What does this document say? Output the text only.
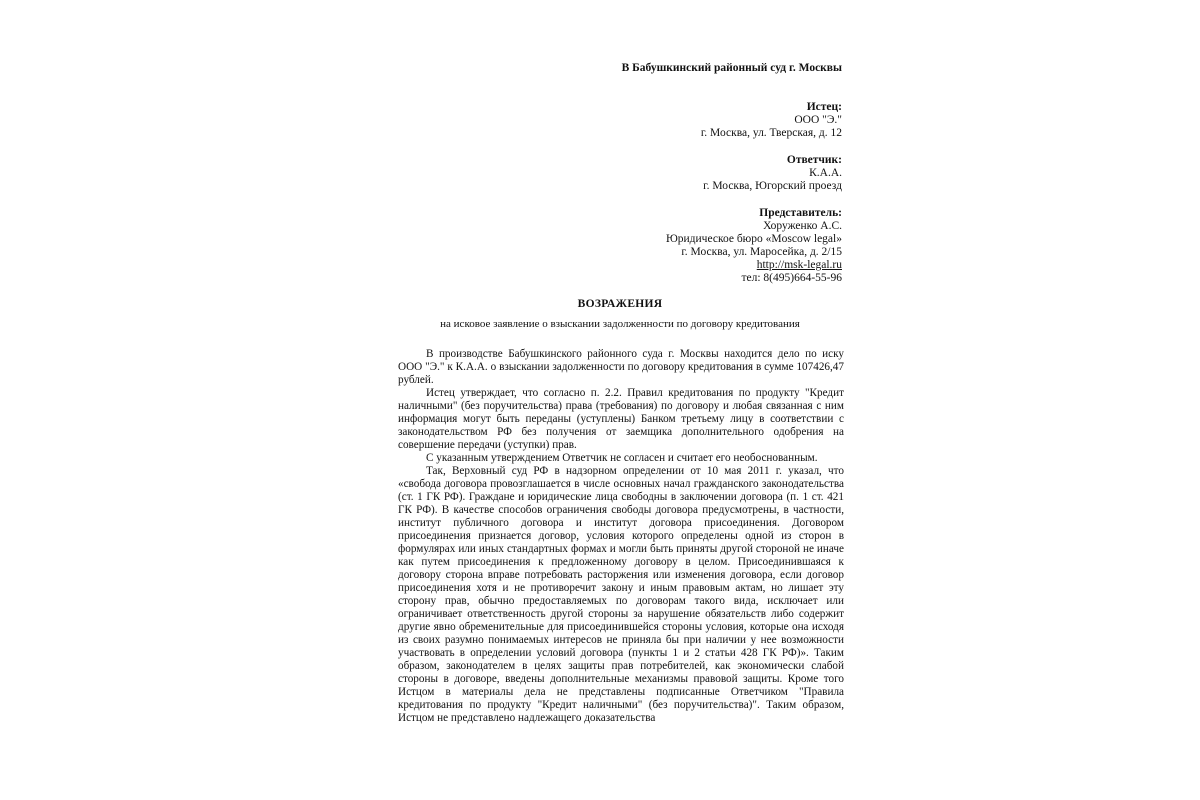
В Бабушкинский районный суд г. Москвы
Истец:
ООО "Э."
г. Москва, ул. Тверская, д. 12
Ответчик:
К.А.А.
г. Москва, Югорский проезд
Представитель:
Хоруженко А.С.
Юридическое бюро «Moscow legal»
г. Москва, ул. Маросейка, д. 2/15
http://msk-legal.ru
тел: 8(495)664-55-96
ВОЗРАЖЕНИЯ
на исковое заявление о взыскании задолженности по договору кредитования

В производстве Бабушкинского районного суда г. Москвы находится дело по иску ООО "Э." к К.А.А. о взыскании задолженности по договору кредитования в сумме 107426,47 рублей.

Истец утверждает, что согласно п. 2.2. Правил кредитования по продукту "Кредит наличными" (без поручительства) права (требования) по договору и любая связанная с ним информация могут быть переданы (уступлены) Банком третьему лицу в соответствии с законодательством РФ без получения от заемщика дополнительного одобрения на совершение передачи (уступки) прав.

С указанным утверждением Ответчик не согласен и считает его необоснованным.

Так, Верховный суд РФ в надзорном определении от 10 мая 2011 г. указал, что «свобода договора провозглашается в числе основных начал гражданского законодательства (ст. 1 ГК РФ). Граждане и юридические лица свободны в заключении договора (п. 1 ст. 421 ГК РФ). В качестве способов ограничения свободы договора предусмотрены, в частности, институт публичного договора и институт договора присоединения. Договором присоединения признается договор, условия которого определены одной из сторон в формулярах или иных стандартных формах и могли быть приняты другой стороной не иначе как путем присоединения к предложенному договору в целом. Присоединившаяся к договору сторона вправе потребовать расторжения или изменения договора, если договор присоединения хотя и не противоречит закону и иным правовым актам, но лишает эту сторону прав, обычно предоставляемых по договорам такого вида, исключает или ограничивает ответственность другой стороны за нарушение обязательств либо содержит другие явно обременительные для присоединившейся стороны условия, которые она исходя из своих разумно понимаемых интересов не приняла бы при наличии у нее возможности участвовать в определении условий договора (пункты 1 и 2 статьи 428 ГК РФ)». Таким образом, законодателем в целях защиты прав потребителей, как экономически слабой стороны в договоре, введены дополнительные механизмы правовой защиты. Кроме того Истцом в материалы дела не представлены подписанные Ответчиком "Правила кредитования по продукту "Кредит наличными" (без поручительства)". Таким образом, Истцом не представлено надлежащего доказательства
